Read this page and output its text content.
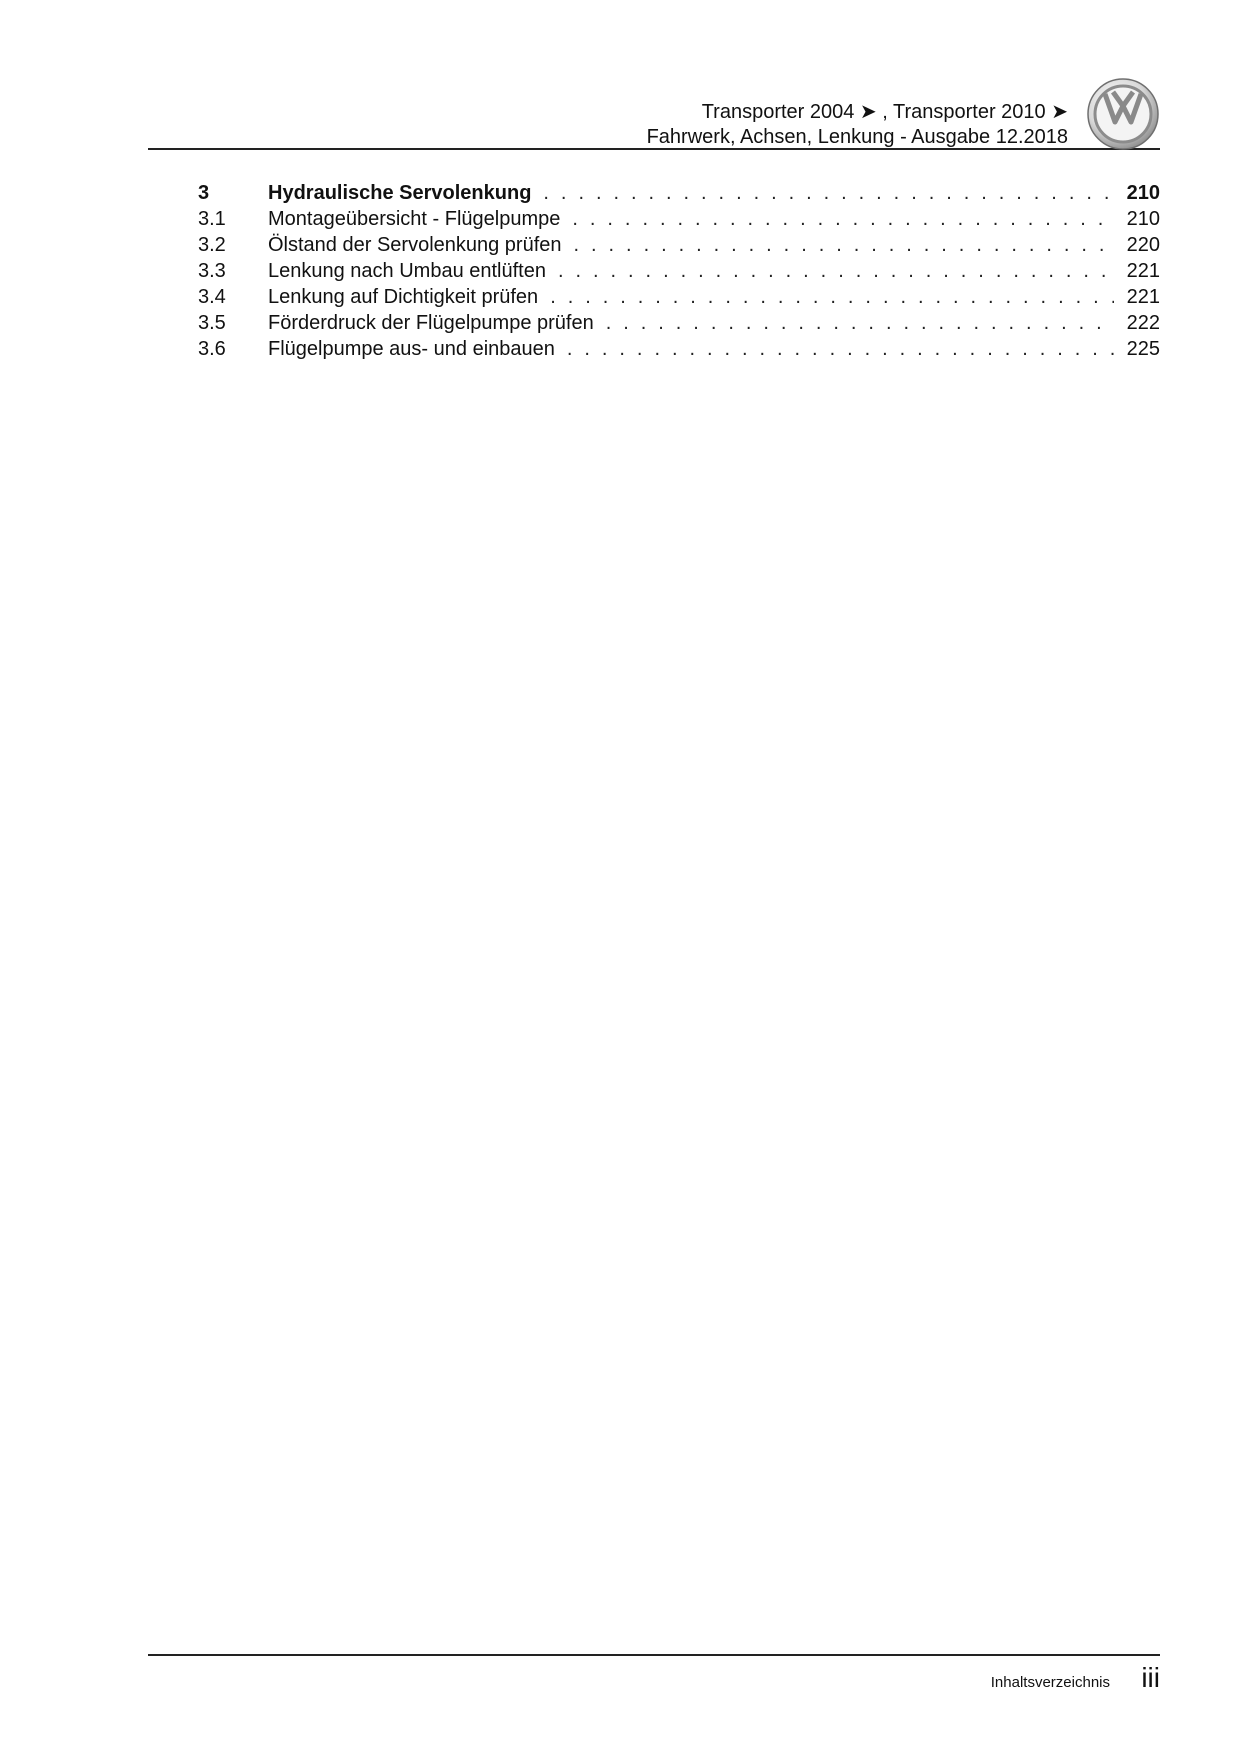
Transporter 2004 ➤ , Transporter 2010 ➤
Fahrwerk, Achsen, Lenkung - Ausgabe 12.2018
3	Hydraulische Servolenkung . . .	210
3.1	Montageübersicht - Flügelpumpe . . .	210
3.2	Ölstand der Servolenkung prüfen . . .	220
3.3	Lenkung nach Umbau entlüften . . .	221
3.4	Lenkung auf Dichtigkeit prüfen . . .	221
3.5	Förderdruck der Flügelpumpe prüfen . . .	222
3.6	Flügelpumpe aus- und einbauen . . .	225
Inhaltsverzeichnis iii
